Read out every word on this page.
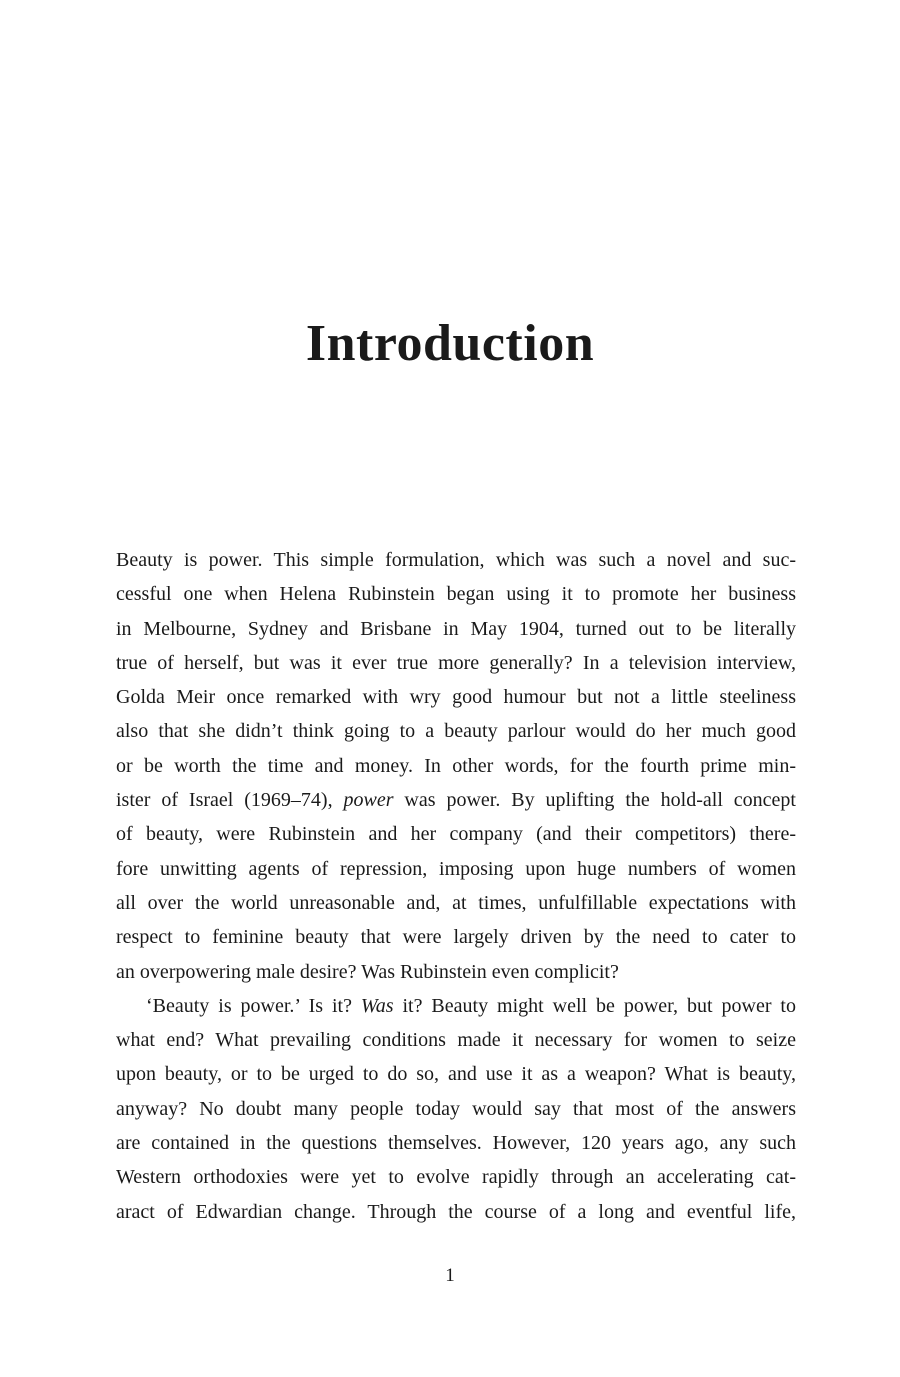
Introduction

Beauty is power. This simple formulation, which was such a novel and suc-
cessful one when Helena Rubinstein began using it to promote her business
in Melbourne, Sydney and Brisbane in May 1904, turned out to be literally
true of herself, but was it ever true more generally? In a television interview,
Golda Meir once remarked with wry good humour but not a little steeliness
also that she didn’t think going to a beauty parlour would do her much good
or be worth the time and money. In other words, for the fourth prime min-
ister of Israel (1969–74), power was power. By uplifting the hold-all concept
of beauty, were Rubinstein and her company (and their competitors) there-
fore unwitting agents of repression, imposing upon huge numbers of women
all over the world unreasonable and, at times, unfulfillable expectations with
respect to feminine beauty that were largely driven by the need to cater to
an overpowering male desire? Was Rubinstein even complicit?

‘Beauty is power.’ Is it? Was it? Beauty might well be power, but power to
what end? What prevailing conditions made it necessary for women to seize
upon beauty, or to be urged to do so, and use it as a weapon? What is beauty,
anyway? No doubt many people today would say that most of the answers
are contained in the questions themselves. However, 120 years ago, any such
Western orthodoxies were yet to evolve rapidly through an accelerating cat-
aract of Edwardian change. Through the course of a long and eventful life,

1
